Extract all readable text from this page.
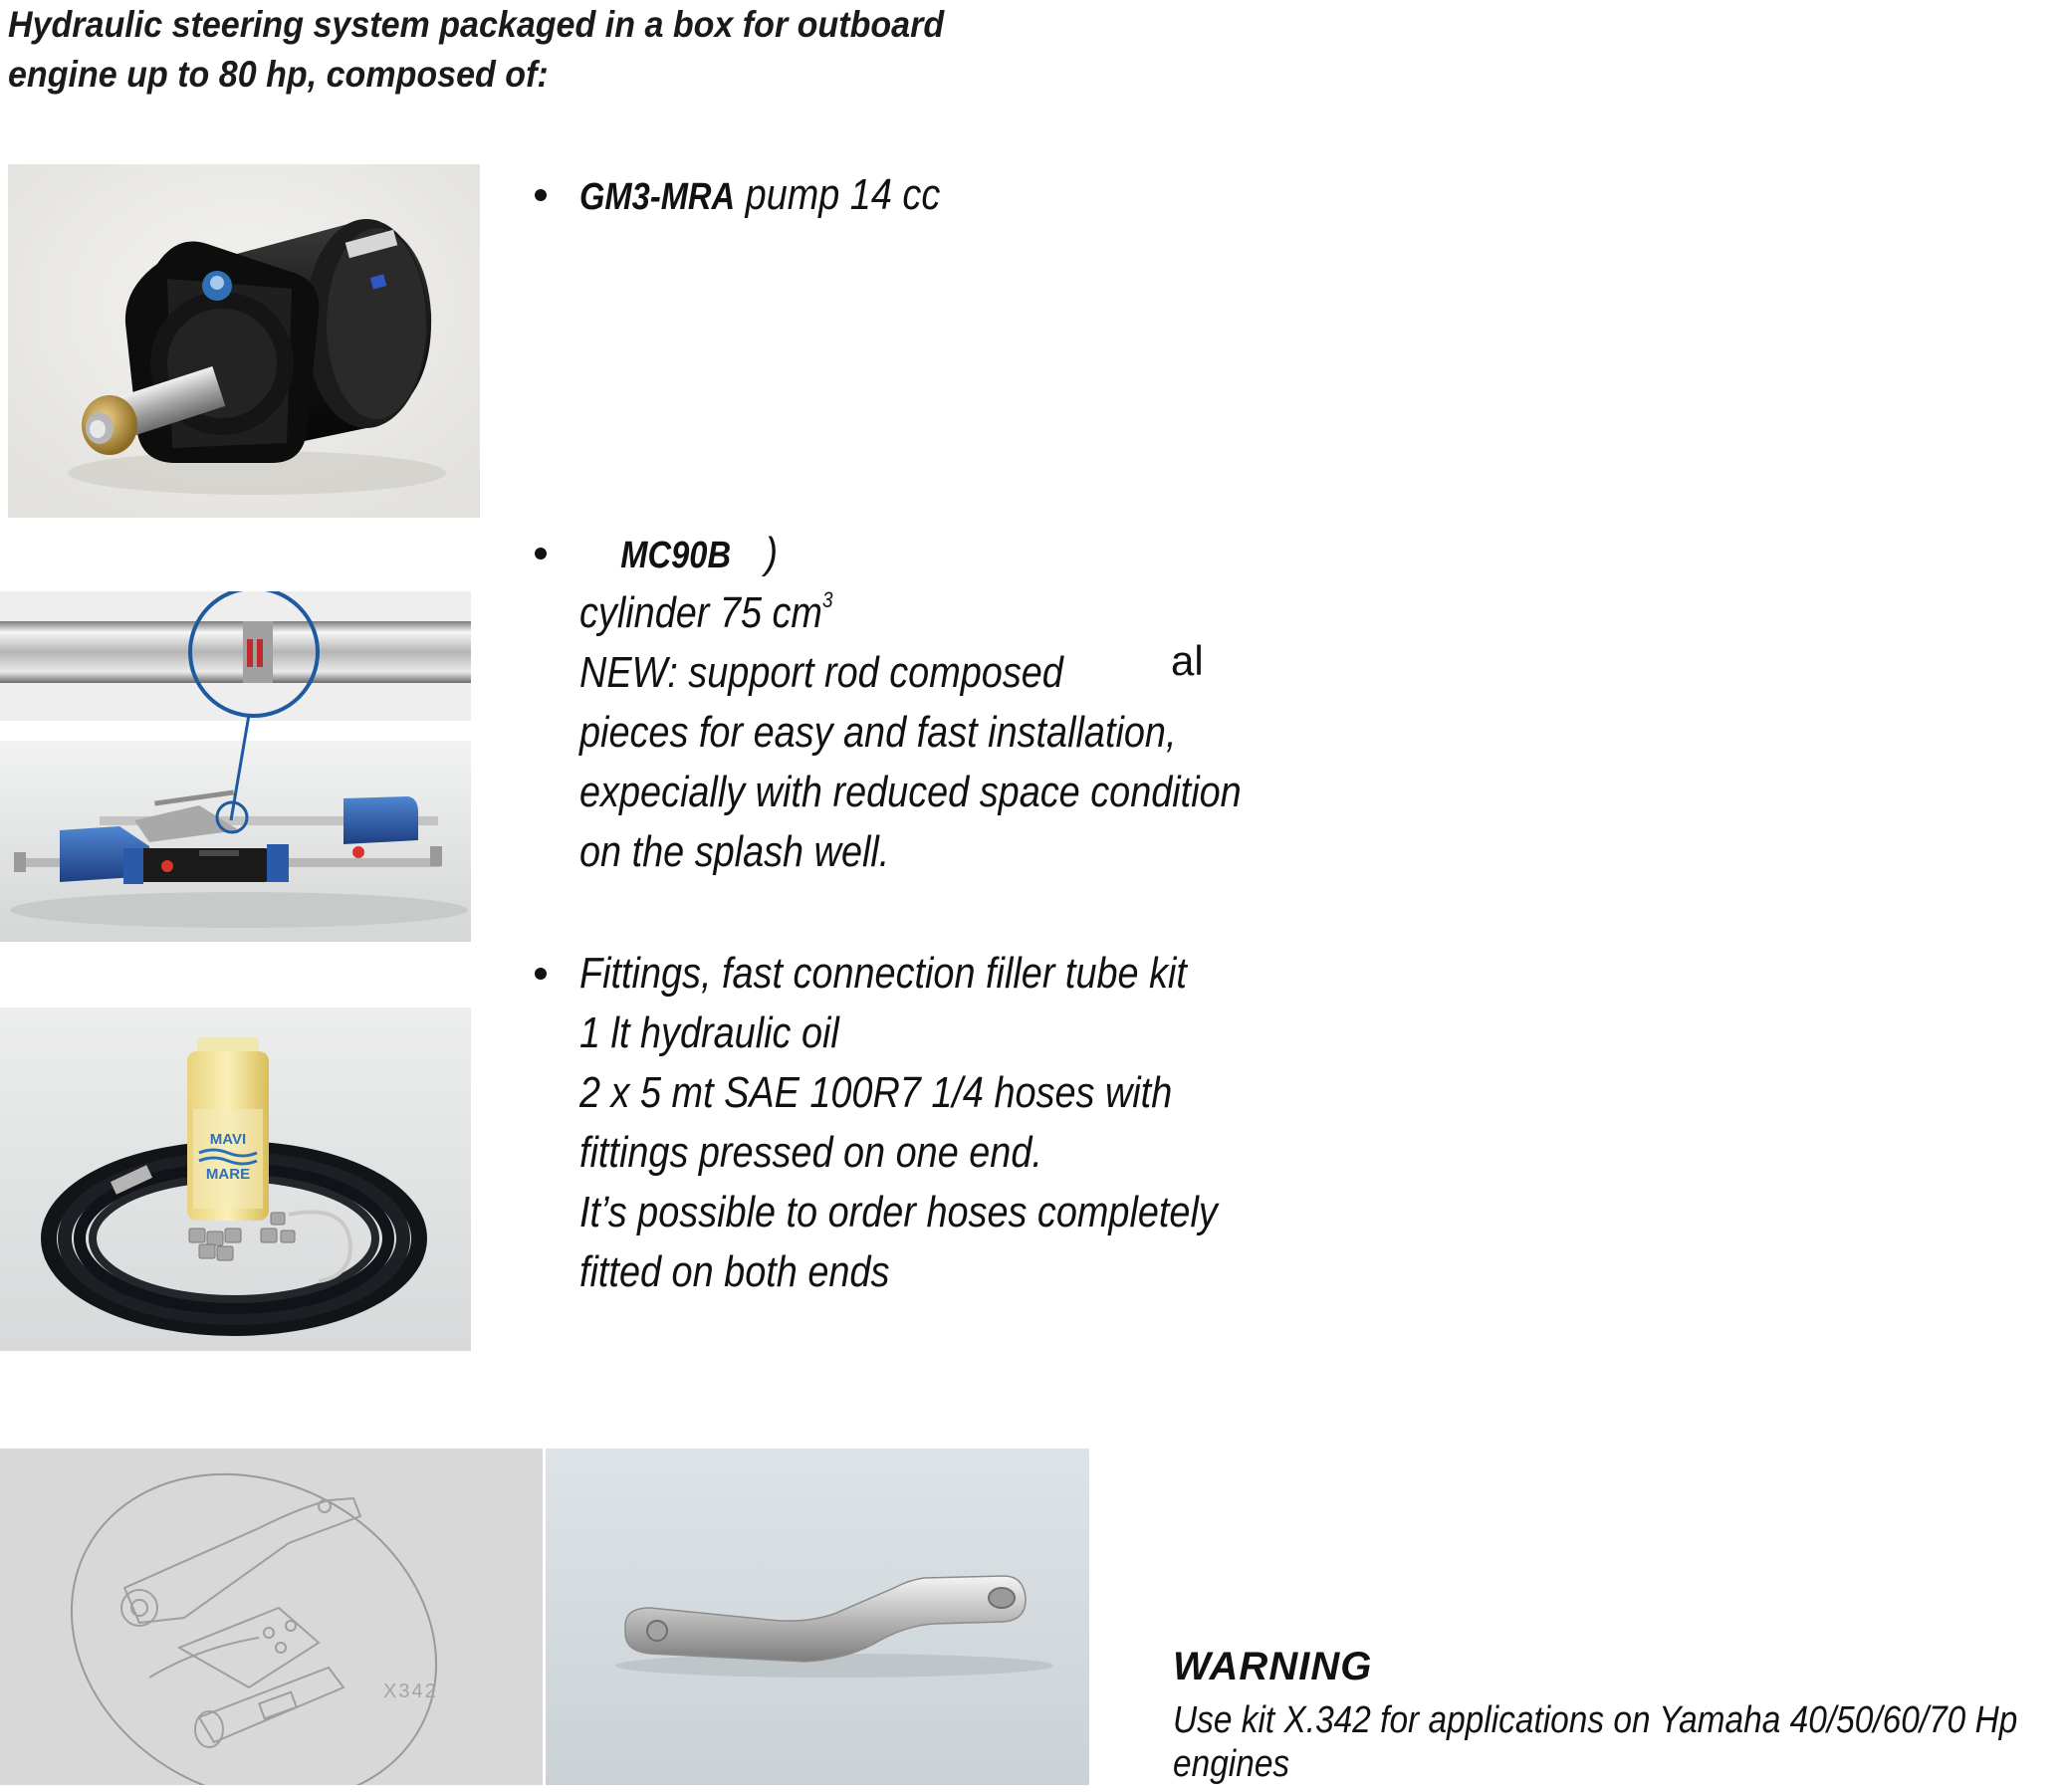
Hydraulic steering system packaged in a box for outboard
engine up to 80 hp, composed of:
MAVI
MARE
GM3-MRA pump 14 cc
MC90B )
cylinder 75 $cm^3$
NEW: support rod composed
pieces for easy and fast installation,
expecially with reduced space condition
on the splash well.
al
Fittings, fast connection filler tube kit
1 lt hydraulic oil
2 x 5 mt SAE 100R7 1/4 hoses with
fittings pressed on one end.
It’s possible to order hoses completely
fitted on both ends
X342
WARNING
Use kit X.342 for applications on Yamaha 40/50/60/70 Hp
engines
